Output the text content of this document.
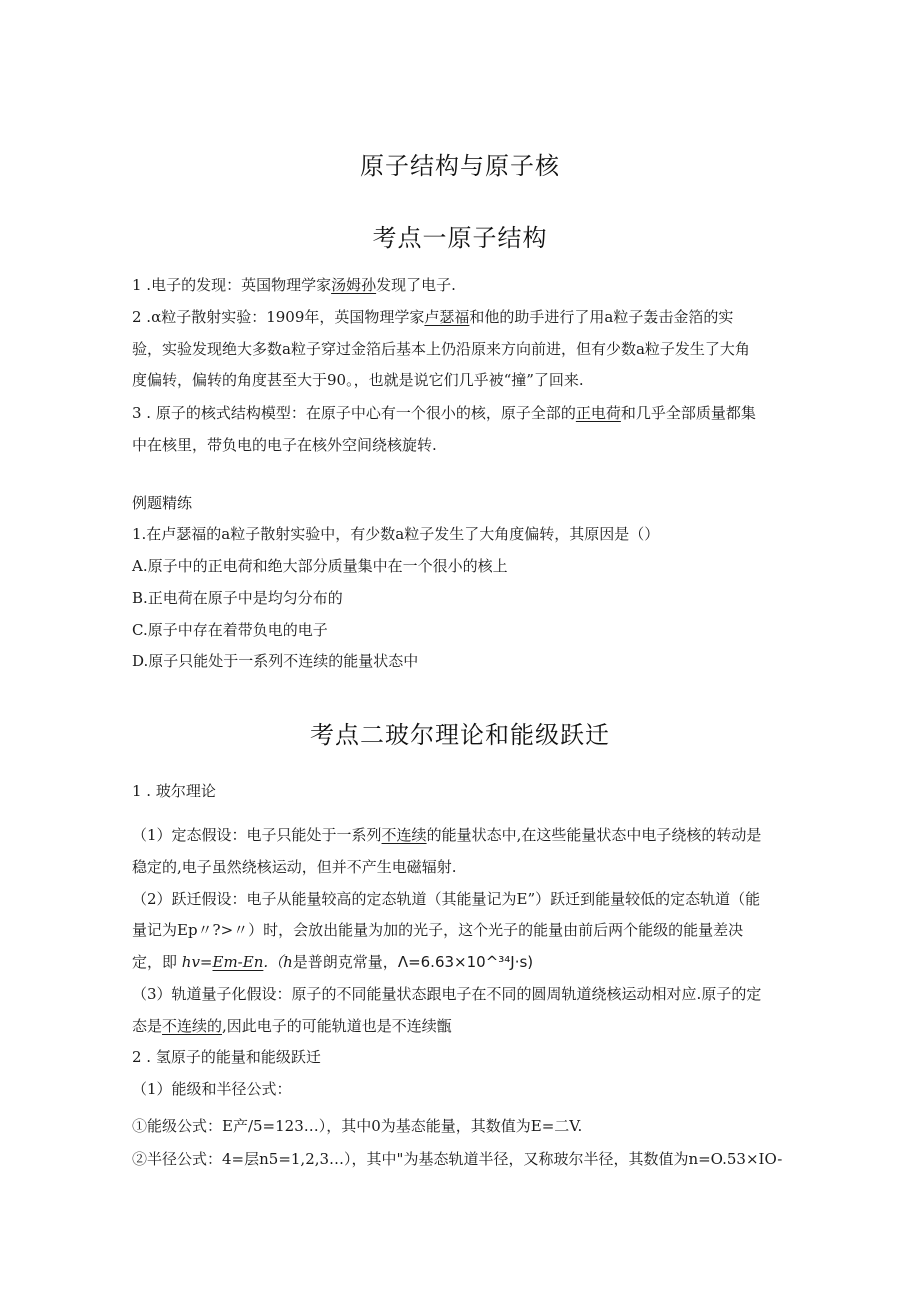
原子结构与原子核
考点一原子结构
1 .电子的发现：英国物理学家汤姆孙发现了电子.
2 .α粒子散射实验：1909年，英国物理学家卢瑟福和他的助手进行了用a粒子轰击金箔的实
验，实验发现绝大多数a粒子穿过金箔后基本上仍沿原来方向前进，但有少数a粒子发生了大角
度偏转，偏转的角度甚至大于90。，也就是说它们几乎被“撞”了回来.
3 . 原子的核式结构模型：在原子中心有一个很小的核，原子全部的正电荷和几乎全部质量都集
中在核里，带负电的电子在核外空间绕核旋转.
例题精练
1.在卢瑟福的a粒子散射实验中，有少数a粒子发生了大角度偏转，其原因是（）
A.原子中的正电荷和绝大部分质量集中在一个很小的核上
B.正电荷在原子中是均匀分布的
C.原子中存在着带负电的电子
D.原子只能处于一系列不连续的能量状态中
考点二玻尔理论和能级跃迁
1 . 玻尔理论
（1）定态假设：电子只能处于一系列不连续的能量状态中,在这些能量状态中电子绕核的转动是
稳定的,电子虽然绕核运动，但并不产生电磁辐射.
（2）跃迁假设：电子从能量较高的定态轨道（其能量记为E”）跃迁到能量较低的定态轨道（能
量记为Ep〃?>〃）时，会放出能量为加的光子，这个光子的能量由前后两个能级的能量差决
定，即 hv=Em-En.（h是普朗克常量，Λ=6.63×10^³⁴J·s)
（3）轨道量子化假设：原子的不同能量状态跟电子在不同的圆周轨道绕核运动相对应.原子的定
态是不连续的,因此电子的可能轨道也是不连续甑
2 . 氢原子的能量和能级跃迁
（1）能级和半径公式：
①能级公式：E产/5=123…），其中0为基态能量，其数值为E=二V.
②半径公式：4=层n5=1,2,3…），其中"为基态轨道半径，又称玻尔半径，其数值为n=O.53×IO-
